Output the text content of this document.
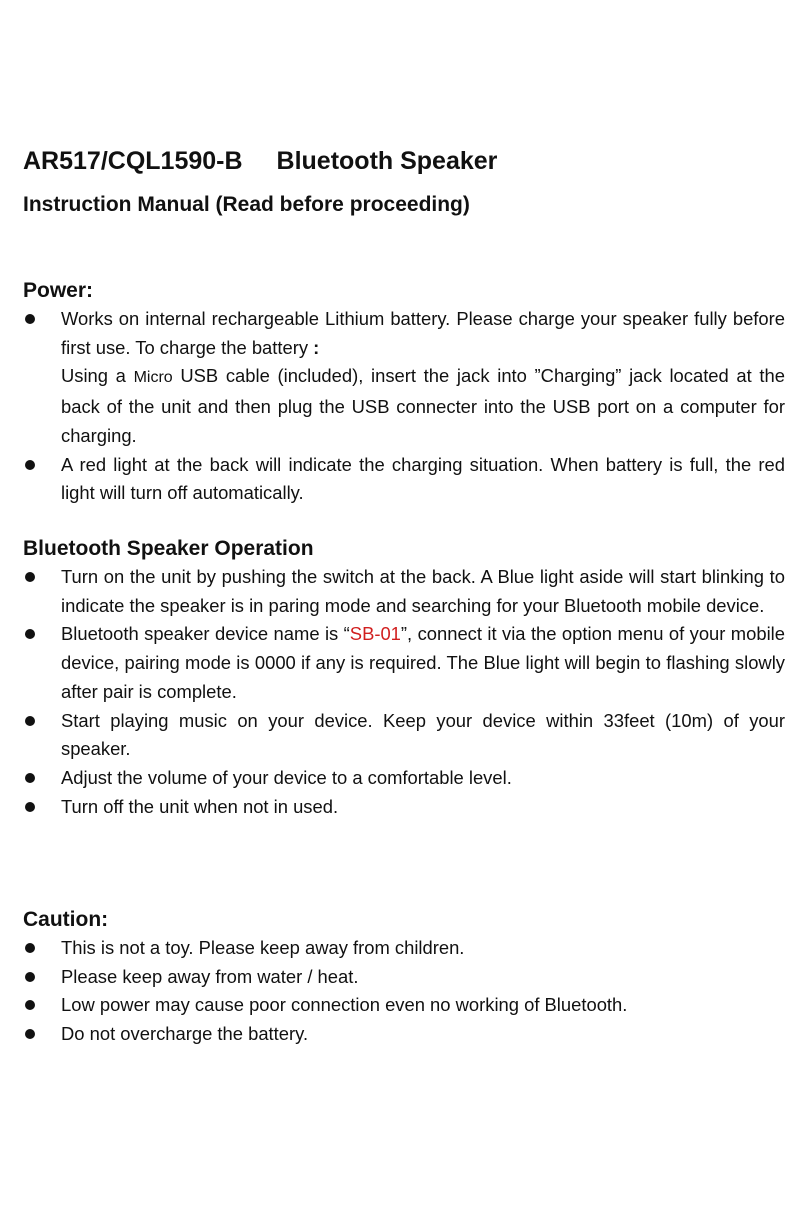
AR517/CQL1590-B Bluetooth Speaker
Instruction Manual (Read before proceeding)
Power:
Works on internal rechargeable Lithium battery. Please charge your speaker fully before first use. To charge the battery :
Using a Micro USB cable (included), insert the jack into ”Charging” jack located at the back of the unit and then plug the USB connecter into the USB port on a computer for charging.
A red light at the back will indicate the charging situation. When battery is full, the red light will turn off automatically.
Bluetooth Speaker Operation
Turn on the unit by pushing the switch at the back. A Blue light aside will start blinking to indicate the speaker is in paring mode and searching for your Bluetooth mobile device.
Bluetooth speaker device name is “SB-01”, connect it via the option menu of your mobile device, pairing mode is 0000 if any is required. The Blue light will begin to flashing slowly after pair is complete.
Start playing music on your device. Keep your device within 33feet (10m) of your speaker.
Adjust the volume of your device to a comfortable level.
Turn off the unit when not in used.
Caution:
This is not a toy. Please keep away from children.
Please keep away from water / heat.
Low power may cause poor connection even no working of Bluetooth.
Do not overcharge the battery.
